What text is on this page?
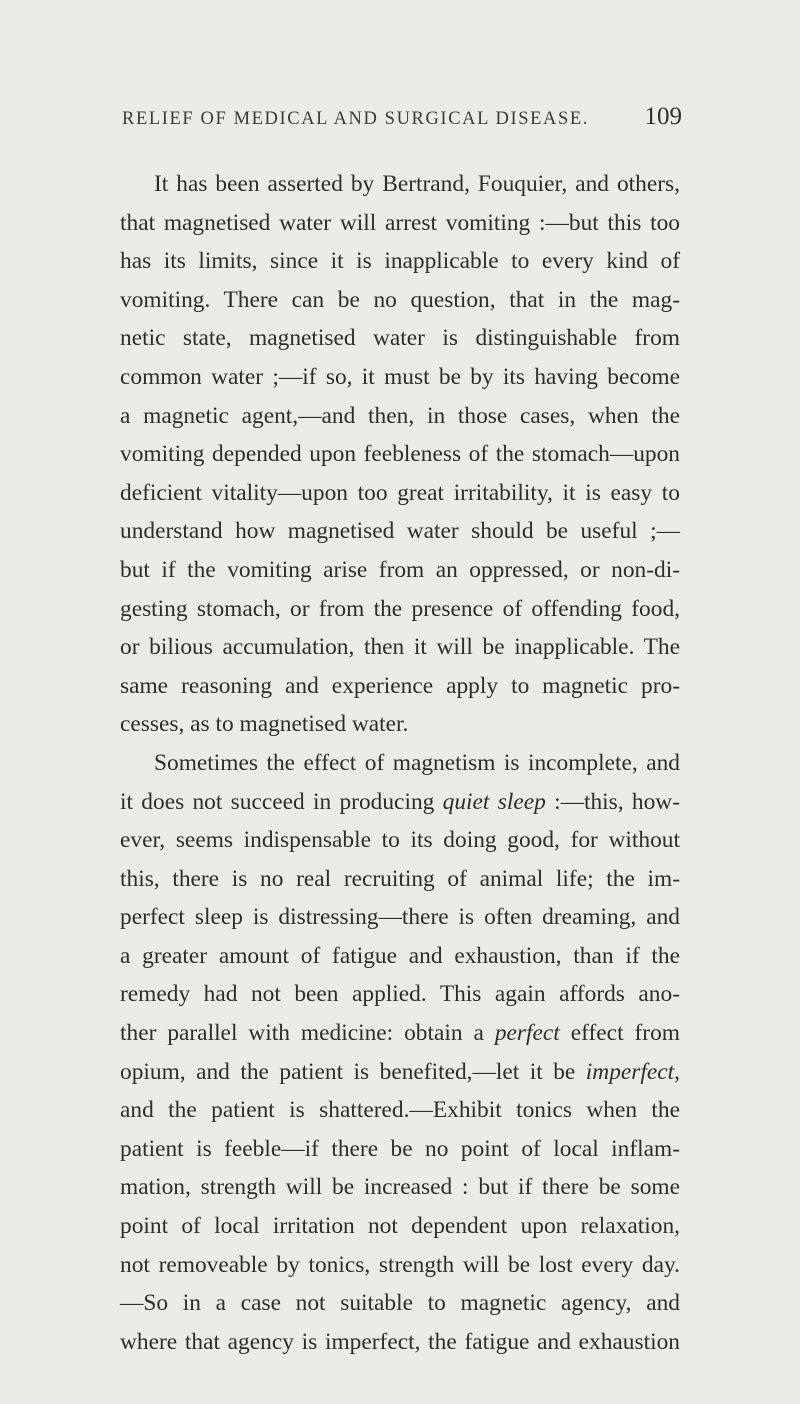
RELIEF OF MEDICAL AND SURGICAL DISEASE. 109
It has been asserted by Bertrand, Fouquier, and others,
that magnetised water will arrest vomiting :—but this too
has its limits, since it is inapplicable to every kind of
vomiting. There can be no question, that in the mag-
netic state, magnetised water is distinguishable from
common water ;—if so, it must be by its having become
a magnetic agent,—and then, in those cases, when the
vomiting depended upon feebleness of the stomach—upon
deficient vitality—upon too great irritability, it is easy to
understand how magnetised water should be useful ;—
but if the vomiting arise from an oppressed, or non-di-
gesting stomach, or from the presence of offending food,
or bilious accumulation, then it will be inapplicable. The
same reasoning and experience apply to magnetic pro-
cesses, as to magnetised water.
Sometimes the effect of magnetism is incomplete, and
it does not succeed in producing quiet sleep :—this, how-
ever, seems indispensable to its doing good, for without
this, there is no real recruiting of animal life; the im-
perfect sleep is distressing—there is often dreaming, and
a greater amount of fatigue and exhaustion, than if the
remedy had not been applied. This again affords ano-
ther parallel with medicine: obtain a perfect effect from
opium, and the patient is benefited,—let it be imperfect,
and the patient is shattered.—Exhibit tonics when the
patient is feeble—if there be no point of local inflam-
mation, strength will be increased : but if there be some
point of local irritation not dependent upon relaxation,
not removeable by tonics, strength will be lost every day.
—So in a case not suitable to magnetic agency, and
where that agency is imperfect, the fatigue and exhaustion
